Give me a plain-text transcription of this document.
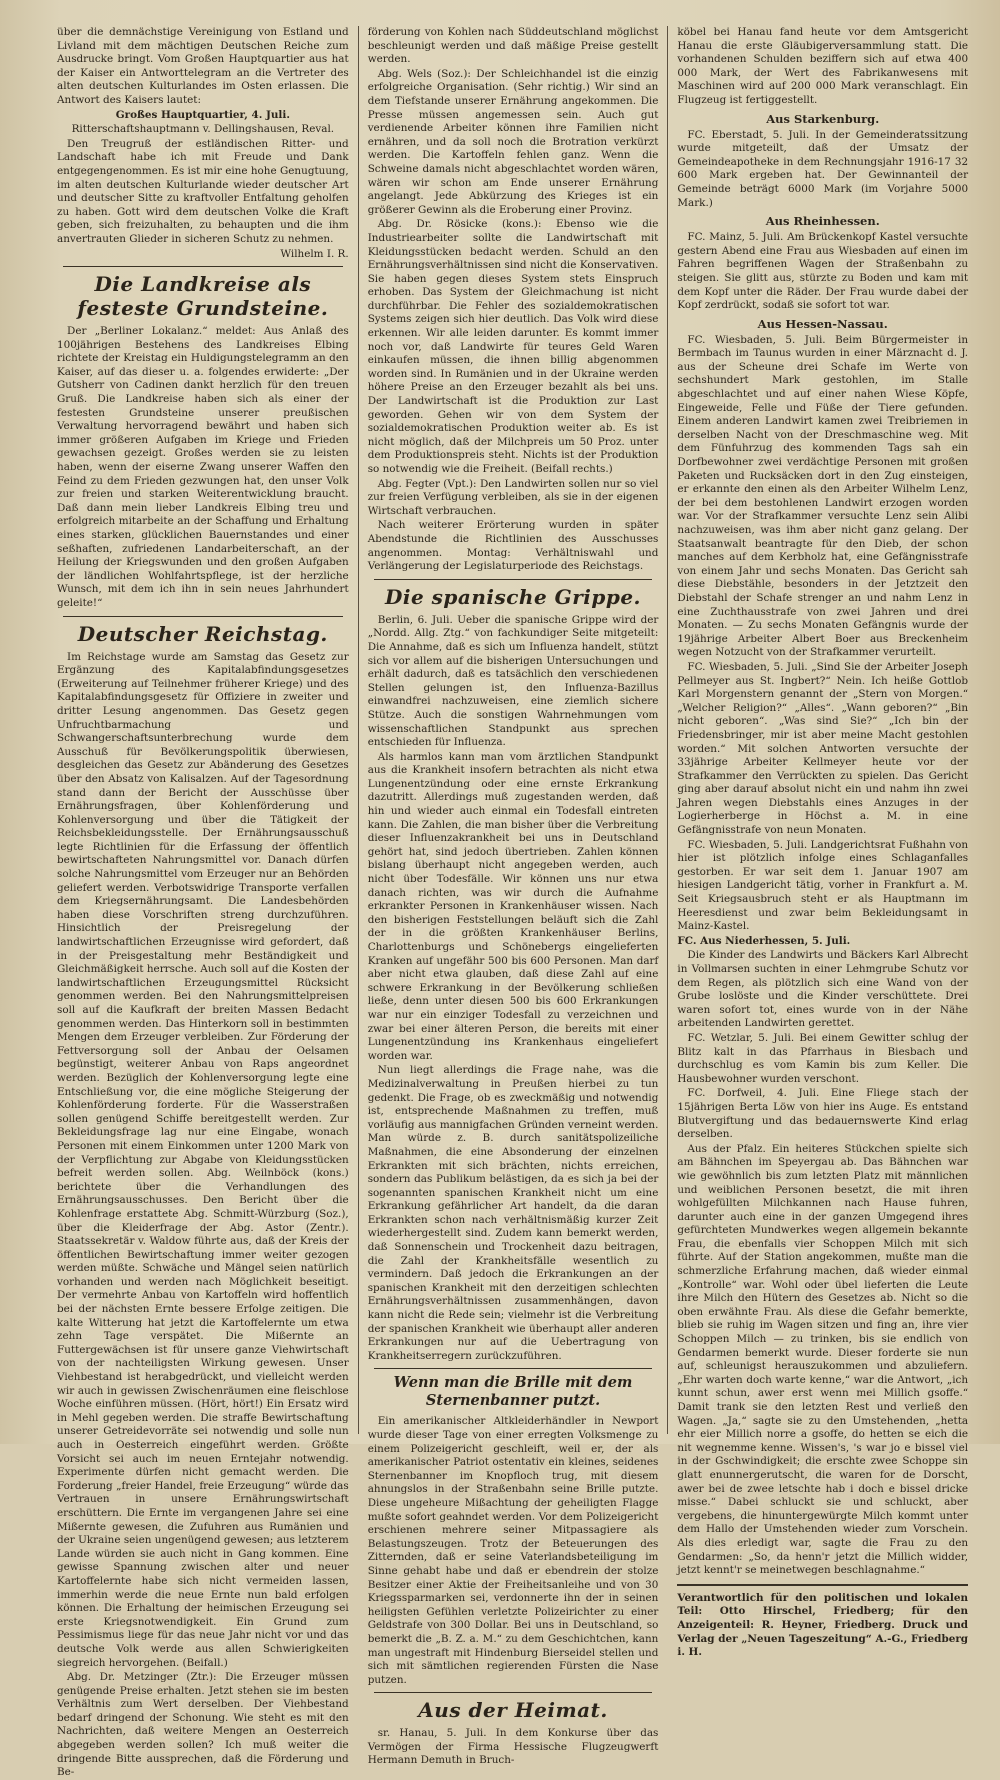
über die demnächstige Vereinigung von Estland und Livland mit dem mächtigen Deutschen Reiche zum Ausdrucke bringt. Vom Großen Hauptquartier aus hat der Kaiser ein Antworttelegram an die Vertreter des alten deutschen Kulturlandes im Osten erlassen. Die Antwort des Kaisers lautet:

Großes Hauptquartier, 4. Juli.

Ritterschaftshauptmann v. Dellingshausen, Reval.

Den Treugruß der estländischen Ritter- und Landschaft habe ich mit Freude und Dank entgegengenommen. Es ist mir eine hohe Genugtuung, im alten deutschen Kulturlande wieder deutscher Art und deutscher Sitte zu kraftvoller Entfaltung geholfen zu haben. Gott wird dem deutschen Volke die Kraft geben, sich freizuhalten, zu behaupten und die ihm anvertrauten Glieder in sicheren Schutz zu nehmen.

Wilhelm I. R.

Die Landkreise als festeste Grundsteine.

Der „Berliner Lokalanz.“ meldet: Aus Anlaß des 100jährigen Bestehens des Landkreises Elbing richtete der Kreistag ein Huldigungstelegramm an den Kaiser, auf das dieser u. a. folgendes erwiderte: „Der Gutsherr von Cadinen dankt herzlich für den treuen Gruß. Die Landkreise haben sich als einer der festesten Grundsteine unserer preußischen Verwaltung hervorragend bewährt und haben sich immer größeren Aufgaben im Kriege und Frieden gewachsen gezeigt. Großes werden sie zu leisten haben, wenn der eiserne Zwang unserer Waffen den Feind zu dem Frieden gezwungen hat, den unser Volk zur freien und starken Weiterentwicklung braucht. Daß dann mein lieber Landkreis Elbing treu und erfolgreich mitarbeite an der Schaffung und Erhaltung eines starken, glücklichen Bauernstandes und einer seßhaften, zufriedenen Landarbeiterschaft, an der Heilung der Kriegswunden und den großen Aufgaben der ländlichen Wohlfahrtspflege, ist der herzliche Wunsch, mit dem ich ihn in sein neues Jahrhundert geleite!“

Deutscher Reichstag.

Im Reichstage wurde am Samstag das Gesetz zur Ergänzung des Kapitalabfindungsgesetzes (Erweiterung auf Teilnehmer früherer Kriege) und des Kapitalabfindungsgesetz für Offiziere in zweiter und dritter Lesung angenommen. Das Gesetz gegen Unfruchtbarmachung und Schwangerschaftsunterbrechung wurde dem Ausschuß für Bevölkerungspolitik überwiesen, desgleichen das Gesetz zur Abänderung des Gesetzes über den Absatz von Kalisalzen. Auf der Tagesordnung stand dann der Bericht der Ausschüsse über Ernährungsfragen, über Kohlenförderung und Kohlenversorgung und über die Tätigkeit der Reichsbekleidungsstelle. Der Ernährungsausschuß legte Richtlinien für die Erfassung der öffentlich bewirtschafteten Nahrungsmittel vor. Danach dürfen solche Nahrungsmittel vom Erzeuger nur an Behörden geliefert werden. Verbotswidrige Transporte verfallen dem Kriegsernährungsamt. Die Landesbehörden haben diese Vorschriften streng durchzuführen. Hinsichtlich der Preisregelung der landwirtschaftlichen Erzeugnisse wird gefordert, daß in der Preisgestaltung mehr Beständigkeit und Gleichmäßigkeit herrsche. Auch soll auf die Kosten der landwirtschaftlichen Erzeugungsmittel Rücksicht genommen werden. Bei den Nahrungsmittelpreisen soll auf die Kaufkraft der breiten Massen Bedacht genommen werden. Das Hinterkorn soll in bestimmten Mengen dem Erzeuger verbleiben. Zur Förderung der Fettversorgung soll der Anbau der Oelsamen begünstigt, weiterer Anbau von Raps angeordnet werden. Bezüglich der Kohlenversorgung legte eine Entschließung vor, die eine mögliche Steigerung der Kohlenförderung forderte. Für die Wasserstraßen sollen genügend Schiffe bereitgestellt werden. Zur Bekleidungsfrage lag nur eine Eingabe, wonach Personen mit einem Einkommen unter 1200 Mark von der Verpflichtung zur Abgabe von Kleidungsstücken befreit werden sollen. Abg. Weilnböck (kons.) berichtete über die Verhandlungen des Ernährungsausschusses. Den Bericht über die Kohlenfrage erstattete Abg. Schmitt-Würzburg (Soz.), über die Kleiderfrage der Abg. Astor (Zentr.). Staatssekretär v. Waldow führte aus, daß der Kreis der öffentlichen Bewirtschaftung immer weiter gezogen werden müßte. Schwäche und Mängel seien natürlich vorhanden und werden nach Möglichkeit beseitigt. Der vermehrte Anbau von Kartoffeln wird hoffentlich bei der nächsten Ernte bessere Erfolge zeitigen. Die kalte Witterung hat jetzt die Kartoffelernte um etwa zehn Tage verspätet. Die Mißernte an Futtergewächsen ist für unsere ganze Viehwirtschaft von der nachteiligsten Wirkung gewesen. Unser Viehbestand ist herabgedrückt, und vielleicht werden wir auch in gewissen Zwischenräumen eine fleischlose Woche einführen müssen. (Hört, hört!) Ein Ersatz wird in Mehl gegeben werden. Die straffe Bewirtschaftung unserer Getreidevorräte sei notwendig und solle nun auch in Oesterreich eingeführt werden. Größte Vorsicht sei auch im neuen Erntejahr notwendig. Experimente dürfen nicht gemacht werden. Die Forderung „freier Handel, freie Erzeugung“ würde das Vertrauen in unsere Ernährungswirtschaft erschüttern. Die Ernte im vergangenen Jahre sei eine Mißernte gewesen, die Zufuhren aus Rumänien und der Ukraine seien ungenügend gewesen; aus letzterem Lande würden sie auch nicht in Gang kommen. Eine gewisse Spannung zwischen alter und neuer Kartoffelernte habe sich nicht vermeiden lassen, immerhin werde die neue Ernte nun bald erfolgen können. Die Erhaltung der heimischen Erzeugung sei erste Kriegsnotwendigkeit. Ein Grund zum Pessimismus liege für das neue Jahr nicht vor und das deutsche Volk werde aus allen Schwierigkeiten siegreich hervorgehen. (Beifall.)

Abg. Dr. Metzinger (Ztr.): Die Erzeuger müssen genügende Preise erhalten. Jetzt stehen sie im besten Verhältnis zum Wert derselben. Der Viehbestand bedarf dringend der Schonung. Wie steht es mit den Nachrichten, daß weitere Mengen an Oesterreich abgegeben werden sollen? Ich muß weiter die dringende Bitte aussprechen, daß die Förderung und Be-

förderung von Kohlen nach Süddeutschland möglichst beschleunigt werden und daß mäßige Preise gestellt werden.

Abg. Wels (Soz.): Der Schleichhandel ist die einzig erfolgreiche Organisation. (Sehr richtig.) Wir sind an dem Tiefstande unserer Ernährung angekommen. Die Presse müssen angemessen sein. Auch gut verdienende Arbeiter können ihre Familien nicht ernähren, und da soll noch die Brotration verkürzt werden. Die Kartoffeln fehlen ganz. Wenn die Schweine damals nicht abgeschlachtet worden wären, wären wir schon am Ende unserer Ernährung angelangt. Jede Abkürzung des Krieges ist ein größerer Gewinn als die Eroberung einer Provinz.

Abg. Dr. Rösicke (kons.): Ebenso wie die Industriearbeiter sollte die Landwirtschaft mit Kleidungsstücken bedacht werden. Schuld an den Ernährungsverhältnissen sind nicht die Konservativen. Sie haben gegen dieses System stets Einspruch erhoben. Das System der Gleichmachung ist nicht durchführbar. Die Fehler des sozialdemokratischen Systems zeigen sich hier deutlich. Das Volk wird diese erkennen. Wir alle leiden darunter. Es kommt immer noch vor, daß Landwirte für teures Geld Waren einkaufen müssen, die ihnen billig abgenommen worden sind. In Rumänien und in der Ukraine werden höhere Preise an den Erzeuger bezahlt als bei uns. Der Landwirtschaft ist die Produktion zur Last geworden. Gehen wir von dem System der sozialdemokratischen Produktion weiter ab. Es ist nicht möglich, daß der Milchpreis um 50 Proz. unter dem Produktionspreis steht. Nichts ist der Produktion so notwendig wie die Freiheit. (Beifall rechts.)

Abg. Fegter (Vpt.): Den Landwirten sollen nur so viel zur freien Verfügung verbleiben, als sie in der eigenen Wirtschaft verbrauchen.

Nach weiterer Erörterung wurden in später Abendstunde die Richtlinien des Ausschusses angenommen. Montag: Verhältniswahl und Verlängerung der Legislaturperiode des Reichstags.

Die spanische Grippe.

Berlin, 6. Juli. Ueber die spanische Grippe wird der „Nordd. Allg. Ztg.“ von fachkundiger Seite mitgeteilt: Die Annahme, daß es sich um Influenza handelt, stützt sich vor allem auf die bisherigen Untersuchungen und erhält dadurch, daß es tatsächlich den verschiedenen Stellen gelungen ist, den Influenza-Bazillus einwandfrei nachzuweisen, eine ziemlich sichere Stütze. Auch die sonstigen Wahrnehmungen vom wissenschaftlichen Standpunkt aus sprechen entschieden für Influenza.

Als harmlos kann man vom ärztlichen Standpunkt aus die Krankheit insofern betrachten als nicht etwa Lungenentzündung oder eine ernste Erkrankung dazutritt. Allerdings muß zugestanden werden, daß hin und wieder auch einmal ein Todesfall eintreten kann. Die Zahlen, die man bisher über die Verbreitung dieser Influenzakrankheit bei uns in Deutschland gehört hat, sind jedoch übertrieben. Zahlen können bislang überhaupt nicht angegeben werden, auch nicht über Todesfälle. Wir können uns nur etwa danach richten, was wir durch die Aufnahme erkrankter Personen in Krankenhäuser wissen. Nach den bisherigen Feststellungen beläuft sich die Zahl der in die größten Krankenhäuser Berlins, Charlottenburgs und Schönebergs eingelieferten Kranken auf ungefähr 500 bis 600 Personen. Man darf aber nicht etwa glauben, daß diese Zahl auf eine schwere Erkrankung in der Bevölkerung schließen ließe, denn unter diesen 500 bis 600 Erkrankungen war nur ein einziger Todesfall zu verzeichnen und zwar bei einer älteren Person, die bereits mit einer Lungenentzündung ins Krankenhaus eingeliefert worden war.

Nun liegt allerdings die Frage nahe, was die Medizinalverwaltung in Preußen hierbei zu tun gedenkt. Die Frage, ob es zweckmäßig und notwendig ist, entsprechende Maßnahmen zu treffen, muß vorläufig aus mannigfachen Gründen verneint werden. Man würde z. B. durch sanitätspolizeiliche Maßnahmen, die eine Absonderung der einzelnen Erkrankten mit sich brächten, nichts erreichen, sondern das Publikum belästigen, da es sich ja bei der sogenannten spanischen Krankheit nicht um eine Erkrankung gefährlicher Art handelt, da die daran Erkrankten schon nach verhältnismäßig kurzer Zeit wiederhergestellt sind. Zudem kann bemerkt werden, daß Sonnenschein und Trockenheit dazu beitragen, die Zahl der Krankheitsfälle wesentlich zu vermindern. Daß jedoch die Erkrankungen an der spanischen Krankheit mit den derzeitigen schlechten Ernährungsverhältnissen zusammenhängen, davon kann nicht die Rede sein; vielmehr ist die Verbreitung der spanischen Krankheit wie überhaupt aller anderen Erkrankungen nur auf die Uebertragung von Krankheitserregern zurückzuführen.

Wenn man die Brille mit dem Sternenbanner putzt.

Ein amerikanischer Altkleiderhändler in Newport wurde dieser Tage von einer erregten Volksmenge zu einem Polizeigericht geschleift, weil er, der als amerikanischer Patriot ostentativ ein kleines, seidenes Sternenbanner im Knopfloch trug, mit diesem ahnungslos in der Straßenbahn seine Brille putzte. Diese ungeheure Mißachtung der geheiligten Flagge mußte sofort geahndet werden. Vor dem Polizeigericht erschienen mehrere seiner Mitpassagiere als Belastungszeugen. Trotz der Beteuerungen des Zitternden, daß er seine Vaterlandsbeteiligung im Sinne gehabt habe und daß er ebendrein der stolze Besitzer einer Aktie der Freiheitsanleihe und von 30 Kriegssparmarken sei, verdonnerte ihn der in seinen heiligsten Gefühlen verletzte Polizeirichter zu einer Geldstrafe von 300 Dollar. Bei uns in Deutschland, so bemerkt die „B. Z. a. M.“ zu dem Geschichtchen, kann man ungestraft mit Hindenburg Bierseidel stellen und sich mit sämtlichen regierenden Fürsten die Nase putzen.

Aus der Heimat.

sr. Hanau, 5. Juli. In dem Konkurse über das Vermögen der Firma Hessische Flugzeugwerft Hermann Demuth in Bruch-

köbel bei Hanau fand heute vor dem Amtsgericht Hanau die erste Gläubigerversammlung statt. Die vorhandenen Schulden beziffern sich auf etwa 400 000 Mark, der Wert des Fabrikanwesens mit Maschinen wird auf 200 000 Mark veranschlagt. Ein Flugzeug ist fertiggestellt.

Aus Starkenburg.

FC. Eberstadt, 5. Juli. In der Gemeinderatssitzung wurde mitgeteilt, daß der Umsatz der Gemeindeapotheke in dem Rechnungsjahr 1916-17 32 600 Mark ergeben hat. Der Gewinnanteil der Gemeinde beträgt 6000 Mark (im Vorjahre 5000 Mark.)

Aus Rheinhessen.

FC. Mainz, 5. Juli. Am Brückenkopf Kastel versuchte gestern Abend eine Frau aus Wiesbaden auf einen im Fahren begriffenen Wagen der Straßenbahn zu steigen. Sie glitt aus, stürzte zu Boden und kam mit dem Kopf unter die Räder. Der Frau wurde dabei der Kopf zerdrückt, sodaß sie sofort tot war.

Aus Hessen-Nassau.

FC. Wiesbaden, 5. Juli. Beim Bürgermeister in Bermbach im Taunus wurden in einer Märznacht d. J. aus der Scheune drei Schafe im Werte von sechshundert Mark gestohlen, im Stalle abgeschlachtet und auf einer nahen Wiese Köpfe, Eingeweide, Felle und Füße der Tiere gefunden. Einem anderen Landwirt kamen zwei Treibriemen in derselben Nacht von der Dreschmaschine weg. Mit dem Fünfuhrzug des kommenden Tags sah ein Dorfbewohner zwei verdächtige Personen mit großen Paketen und Rucksäcken dort in den Zug einsteigen, er erkannte den einen als den Arbeiter Wilhelm Lenz, der bei dem bestohlenen Landwirt erzogen worden war. Vor der Strafkammer versuchte Lenz sein Alibi nachzuweisen, was ihm aber nicht ganz gelang. Der Staatsanwalt beantragte für den Dieb, der schon manches auf dem Kerbholz hat, eine Gefängnisstrafe von einem Jahr und sechs Monaten. Das Gericht sah diese Diebstähle, besonders in der Jetztzeit den Diebstahl der Schafe strenger an und nahm Lenz in eine Zuchthausstrafe von zwei Jahren und drei Monaten. — Zu sechs Monaten Gefängnis wurde der 19jährige Arbeiter Albert Boer aus Breckenheim wegen Notzucht von der Strafkammer verurteilt.

FC. Wiesbaden, 5. Juli. „Sind Sie der Arbeiter Joseph Pellmeyer aus St. Ingbert?“ Nein. Ich heiße Gottlob Karl Morgenstern genannt der „Stern von Morgen.“ „Welcher Religion?“ „Alles“. „Wann geboren?“ „Bin nicht geboren“. „Was sind Sie?“ „Ich bin der Friedensbringer, mir ist aber meine Macht gestohlen worden.“ Mit solchen Antworten versuchte der 33jährige Arbeiter Kellmeyer heute vor der Strafkammer den Verrückten zu spielen. Das Gericht ging aber darauf absolut nicht ein und nahm ihn zwei Jahren wegen Diebstahls eines Anzuges in der Logierherberge in Höchst a. M. in eine Gefängnisstrafe von neun Monaten.

FC. Wiesbaden, 5. Juli. Landgerichtsrat Fußhahn von hier ist plötzlich infolge eines Schlaganfalles gestorben. Er war seit dem 1. Januar 1907 am hiesigen Landgericht tätig, vorher in Frankfurt a. M. Seit Kriegsausbruch steht er als Hauptmann im Heeresdienst und zwar beim Bekleidungsamt in Mainz-Kastel.

FC. Aus Niederhessen, 5. Juli.

Die Kinder des Landwirts und Bäckers Karl Albrecht in Vollmarsen suchten in einer Lehmgrube Schutz vor dem Regen, als plötzlich sich eine Wand von der Grube loslöste und die Kinder verschüttete. Drei waren sofort tot, eines wurde von in der Nähe arbeitenden Landwirten gerettet.

FC. Wetzlar, 5. Juli. Bei einem Gewitter schlug der Blitz kalt in das Pfarrhaus in Biesbach und durchschlug es vom Kamin bis zum Keller. Die Hausbewohner wurden verschont.

FC. Dorfweil, 4. Juli. Eine Fliege stach der 15jährigen Berta Löw von hier ins Auge. Es entstand Blutvergiftung und das bedauernswerte Kind erlag derselben.

Aus der Pfalz. Ein heiteres Stückchen spielte sich am Bähnchen im Speyergau ab. Das Bähnchen war wie gewöhnlich bis zum letzten Platz mit männlichen und weiblichen Personen besetzt, die mit ihren wohlgefüllten Milchkannen nach Hause fuhren, darunter auch eine in der ganzen Umgegend ihres gefürchteten Mundwerkes wegen allgemein bekannte Frau, die ebenfalls vier Schoppen Milch mit sich führte. Auf der Station angekommen, mußte man die schmerzliche Erfahrung machen, daß wieder einmal „Kontrolle“ war. Wohl oder übel lieferten die Leute ihre Milch den Hütern des Gesetzes ab. Nicht so die oben erwähnte Frau. Als diese die Gefahr bemerkte, blieb sie ruhig im Wagen sitzen und fing an, ihre vier Schoppen Milch — zu trinken, bis sie endlich von Gendarmen bemerkt wurde. Dieser forderte sie nun auf, schleunigst herauszukommen und abzuliefern. „Ehr warten doch warte kenne,“ war die Antwort, „ich kunnt schun, awer erst wenn mei Millich gsoffe.“ Damit trank sie den letzten Rest und verließ den Wagen. „Ja,“ sagte sie zu den Umstehenden, „hetta ehr eier Millich norre a gsoffe, do hetten se eich die nit wegnemme kenne. Wissen's, 's war jo e bissel viel in der Gschwindigkeit; die erschte zwee Schoppe sin glatt enunnergerutscht, die waren for de Dorscht, awer bei de zwee letschte hab i doch e bissel dricke misse.“ Dabei schluckt sie und schluckt, aber vergebens, die hinuntergewürgte Milch kommt unter dem Hallo der Umstehenden wieder zum Vorschein. Als dies erledigt war, sagte die Frau zu den Gendarmen: „So, da henn'r jetzt die Millich widder, jetzt kennt'r se meinetwegen beschlagnahme.“

Verantwortlich für den politischen und lokalen Teil: Otto Hirschel, Friedberg; für den Anzeigenteil: R. Heyner, Friedberg. Druck und Verlag der „Neuen Tageszeitung“ A.-G., Friedberg i. H.
